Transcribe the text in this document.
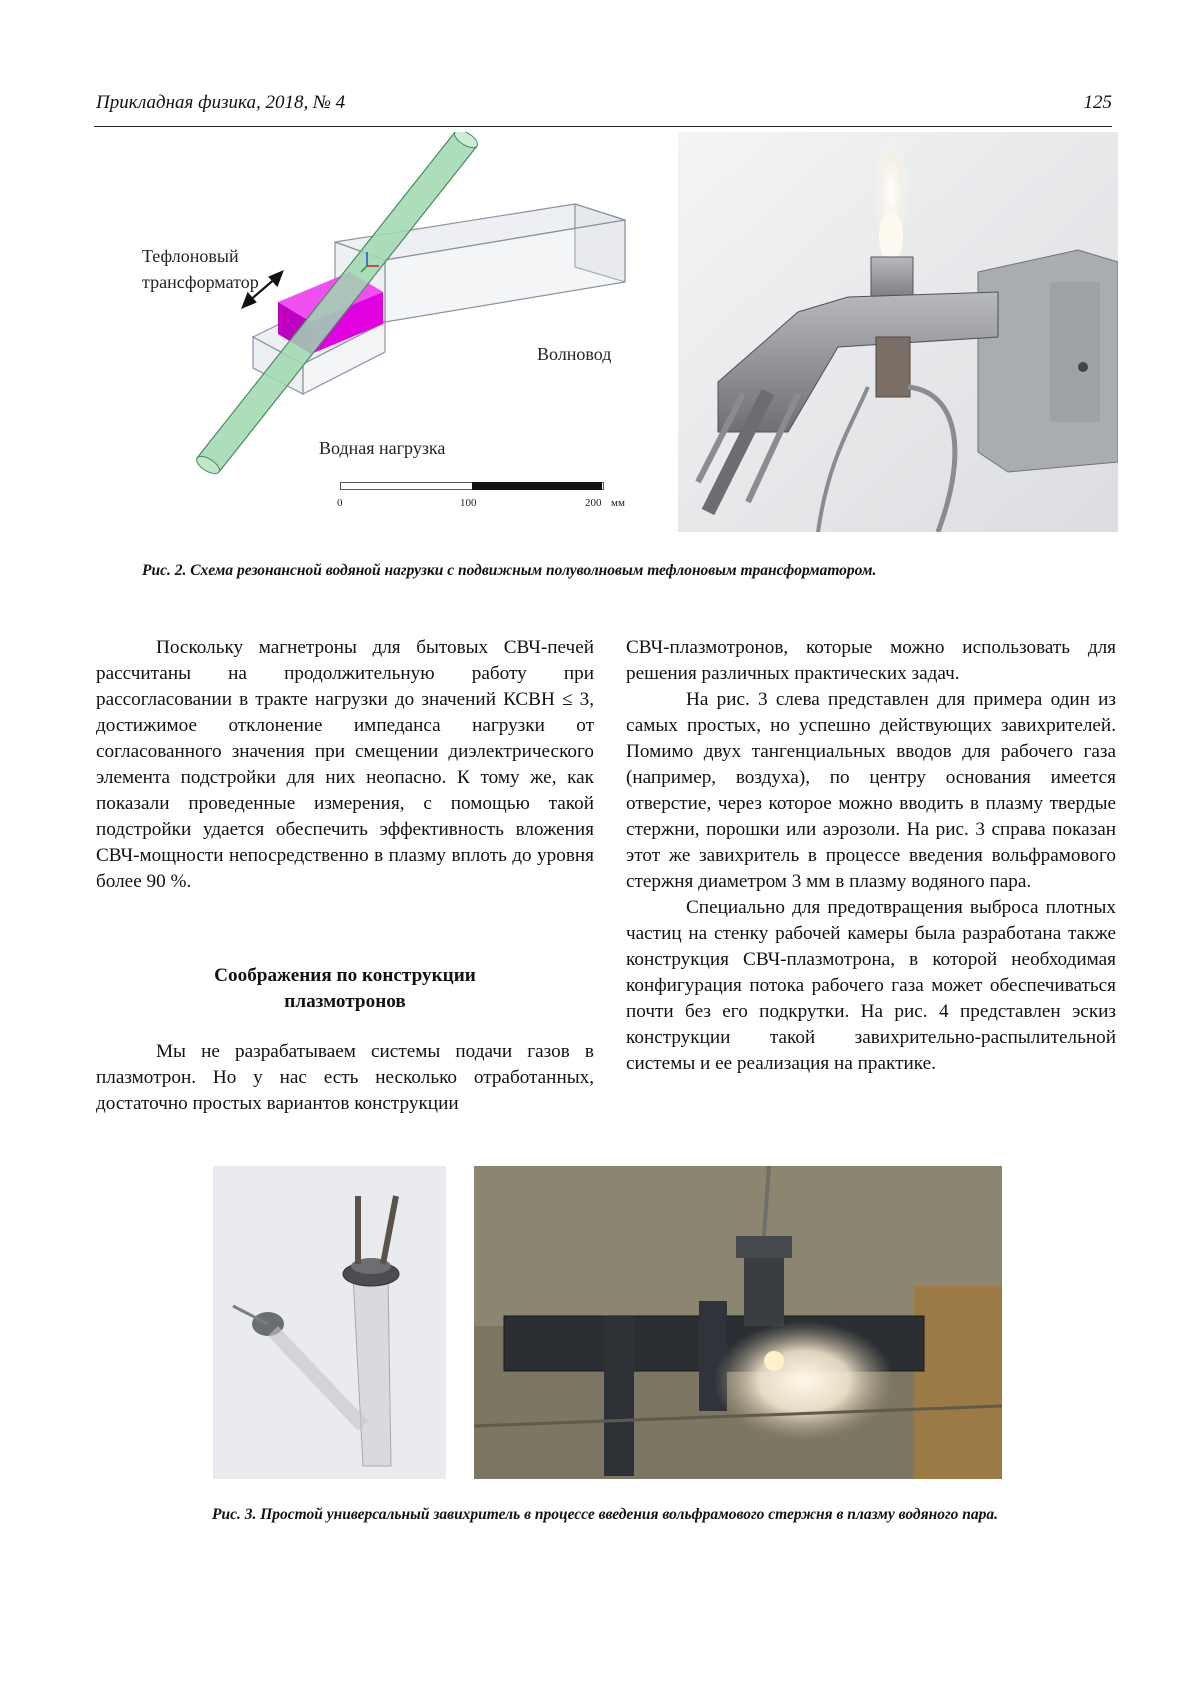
Прикладная физика, 2018, № 4	125
Тефлоновый
трансформатор
Волновод
Водная нагрузка
0	100	200 мм
Рис. 2. Схема резонансной водяной нагрузки с подвижным полуволновым тефлоновым трансформатором.

Поскольку магнетроны для бытовых СВЧ-печей рассчитаны на продолжительную работу при рассогласовании в тракте нагрузки до значений КСВН ≤ 3, достижимое отклонение импеданса нагрузки от согласованного значения при смещении диэлектрического элемента подстройки для них неопасно. К тому же, как показали проведенные измерения, с помощью такой подстройки удается обеспечить эффективность вложения СВЧ-мощности непосредственно в плазму вплоть до уровня более 90 %.

Соображения по конструкции
плазмотронов

Мы не разрабатываем системы подачи газов в плазмотрон. Но у нас есть несколько отработанных, достаточно простых вариантов конструкции

СВЧ-плазмотронов, которые можно использовать для решения различных практических задач.

На рис. 3 слева представлен для примера один из самых простых, но успешно действующих завихрителей. Помимо двух тангенциальных вводов для рабочего газа (например, воздуха), по центру основания имеется отверстие, через которое можно вводить в плазму твердые стержни, порошки или аэрозоли. На рис. 3 справа показан этот же завихритель в процессе введения вольфрамового стержня диаметром 3 мм в плазму водяного пара.

Специально для предотвращения выброса плотных частиц на стенку рабочей камеры была разработана также конструкция СВЧ-плазмотрона, в которой необходимая конфигурация потока рабочего газа может обеспечиваться почти без его подкрутки. На рис. 4 представлен эскиз конструкции такой завихрительно-распылительной системы и ее реализация на практике.

Рис. 3. Простой универсальный завихритель в процессе введения вольфрамового стержня в плазму водяного пара.
